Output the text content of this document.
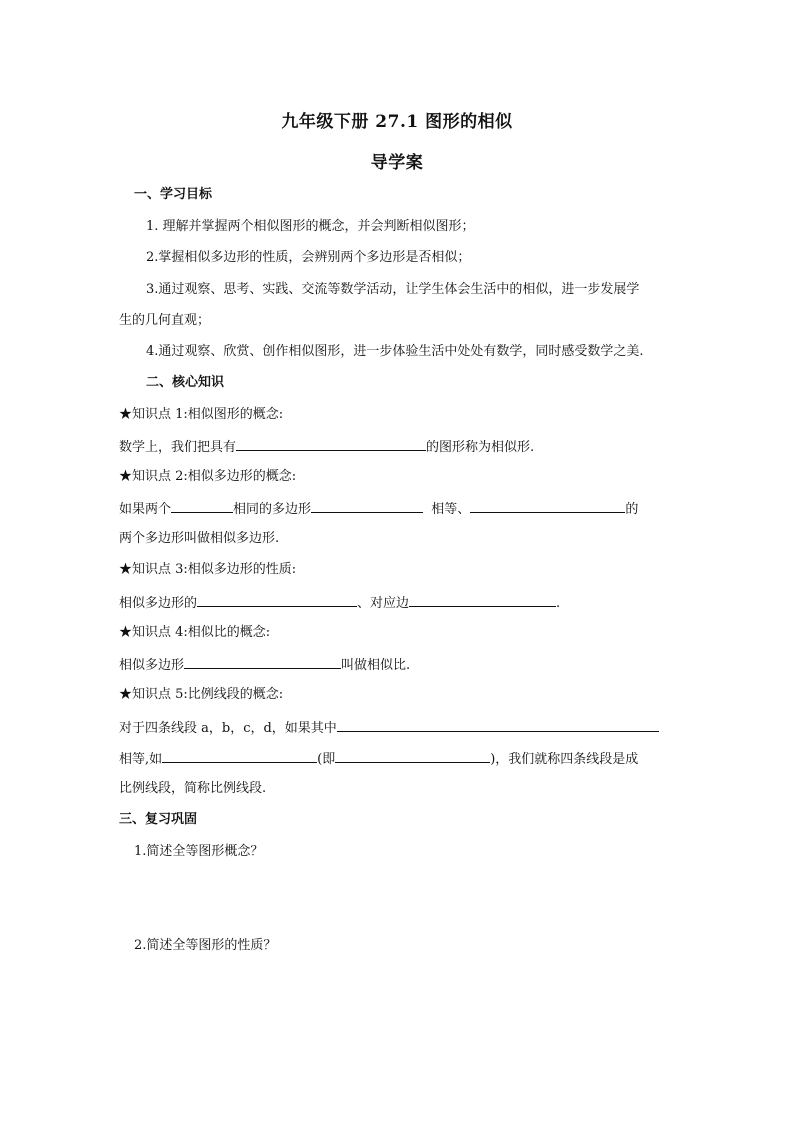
九年级下册 27.1 图形的相似
导学案
一、学习目标
1. 理解并掌握两个相似图形的概念，并会判断相似图形；
2.掌握相似多边形的性质，会辨别两个多边形是否相似；
3.通过观察、思考、实践、交流等数学活动，让学生体会生活中的相似，进一步发展学
生的几何直观；
4.通过观察、欣赏、创作相似图形，进一步体验生活中处处有数学，同时感受数学之美.
二、核心知识
★知识点 1:相似图形的概念:
数学上，我们把具有	的图形称为相似形.
★知识点 2:相似多边形的概念:
如果两个	相同的多边形	相等、	的
两个多边形叫做相似多边形.
★知识点 3:相似多边形的性质:
相似多边形的	、对应边	.
★知识点 4:相似比的概念:
相似多边形	叫做相似比.
★知识点 5:比例线段的概念:
对于四条线段 a，b，c，d，如果其中
相等,如	(即	)，我们就称四条线段是成
比例线段，简称比例线段.
三、复习巩固
1.简述全等图形概念？
2.简述全等图形的性质？
